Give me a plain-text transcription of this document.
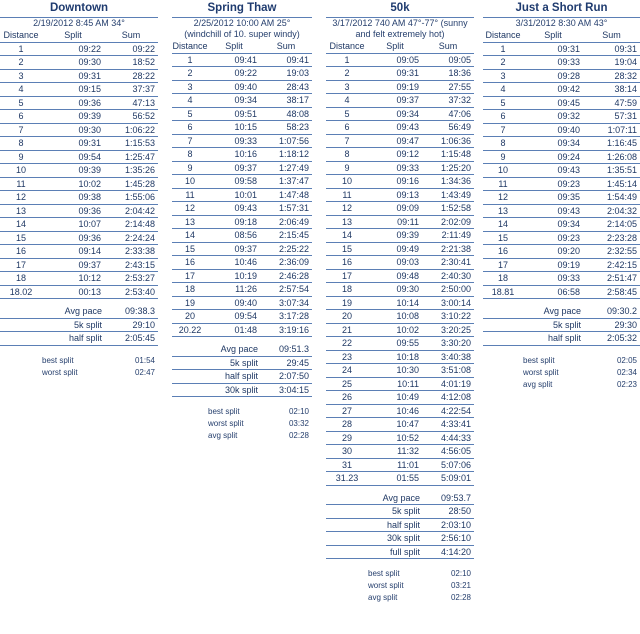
Downtown
2/19/2012 8:45 AM 34°
Distance	Split	Sum
1	09:22	09:22
2	09:30	18:52
3	09:31	28:22
4	09:15	37:37
5	09:36	47:13
6	09:39	56:52
7	09:30	1:06:22
8	09:31	1:15:53
9	09:54	1:25:47
10	09:39	1:35:26
11	10:02	1:45:28
12	09:38	1:55:06
13	09:36	2:04:42
14	10:07	2:14:48
15	09:36	2:24:24
16	09:14	2:33:38
17	09:37	2:43:15
18	10:12	2:53:27
18.02	00:13	2:53:40
	Avg pace	09:38.3
	5k split	29:10
	half split	2:05:45
	best split	01:54
	worst split	02:47
Spring Thaw
2/25/2012 10:00 AM 25°
(windchill of 10. super windy)
Distance	Split	Sum
1	09:41	09:41
2	09:22	19:03
3	09:40	28:43
4	09:34	38:17
5	09:51	48:08
6	10:15	58:23
7	09:33	1:07:56
8	10:16	1:18:12
9	09:37	1:27:49
10	09:58	1:37:47
11	10:01	1:47:48
12	09:43	1:57:31
13	09:18	2:06:49
14	08:56	2:15:45
15	09:37	2:25:22
16	10:46	2:36:09
17	10:19	2:46:28
18	11:26	2:57:54
19	09:40	3:07:34
20	09:54	3:17:28
20.22	01:48	3:19:16
	Avg pace	09:51.3
	5k split	29:45
	half split	2:07:50
	30k split	3:04:15
	best split	02:10
	worst split	03:32
	avg split	02:28
50k
3/17/2012 740 AM 47°-77° (sunny
and felt extremely hot)
Distance	Split	Sum
1	09:05	09:05
2	09:31	18:36
3	09:19	27:55
4	09:37	37:32
5	09:34	47:06
6	09:43	56:49
7	09:47	1:06:36
8	09:12	1:15:48
9	09:33	1:25:20
10	09:16	1:34:36
11	09:13	1:43:49
12	09:09	1:52:58
13	09:11	2:02:09
14	09:39	2:11:49
15	09:49	2:21:38
16	09:03	2:30:41
17	09:48	2:40:30
18	09:30	2:50:00
19	10:14	3:00:14
20	10:08	3:10:22
21	10:02	3:20:25
22	09:55	3:30:20
23	10:18	3:40:38
24	10:30	3:51:08
25	10:11	4:01:19
26	10:49	4:12:08
27	10:46	4:22:54
28	10:47	4:33:41
29	10:52	4:44:33
30	11:32	4:56:05
31	11:01	5:07:06
31.23	01:55	5:09:01
	Avg pace	09:53.7
	5k split	28:50
	half split	2:03:10
	30k split	2:56:10
	full split	4:14:20
	best split	02:10
	worst split	03:21
	avg split	02:28
Just a Short Run
3/31/2012 8:30 AM 43°
Distance	Split	Sum
1	09:31	09:31
2	09:33	19:04
3	09:28	28:32
4	09:42	38:14
5	09:45	47:59
6	09:32	57:31
7	09:40	1:07:11
8	09:34	1:16:45
9	09:24	1:26:08
10	09:43	1:35:51
11	09:23	1:45:14
12	09:35	1:54:49
13	09:43	2:04:32
14	09:34	2:14:05
15	09:23	2:23:28
16	09:20	2:32:55
17	09:19	2:42:15
18	09:33	2:51:47
18.81	06:58	2:58:45
	Avg pace	09:30.2
	5k split	29:30
	half split	2:05:32
	best split	02:05
	worst split	02:34
	avg split	02:23
